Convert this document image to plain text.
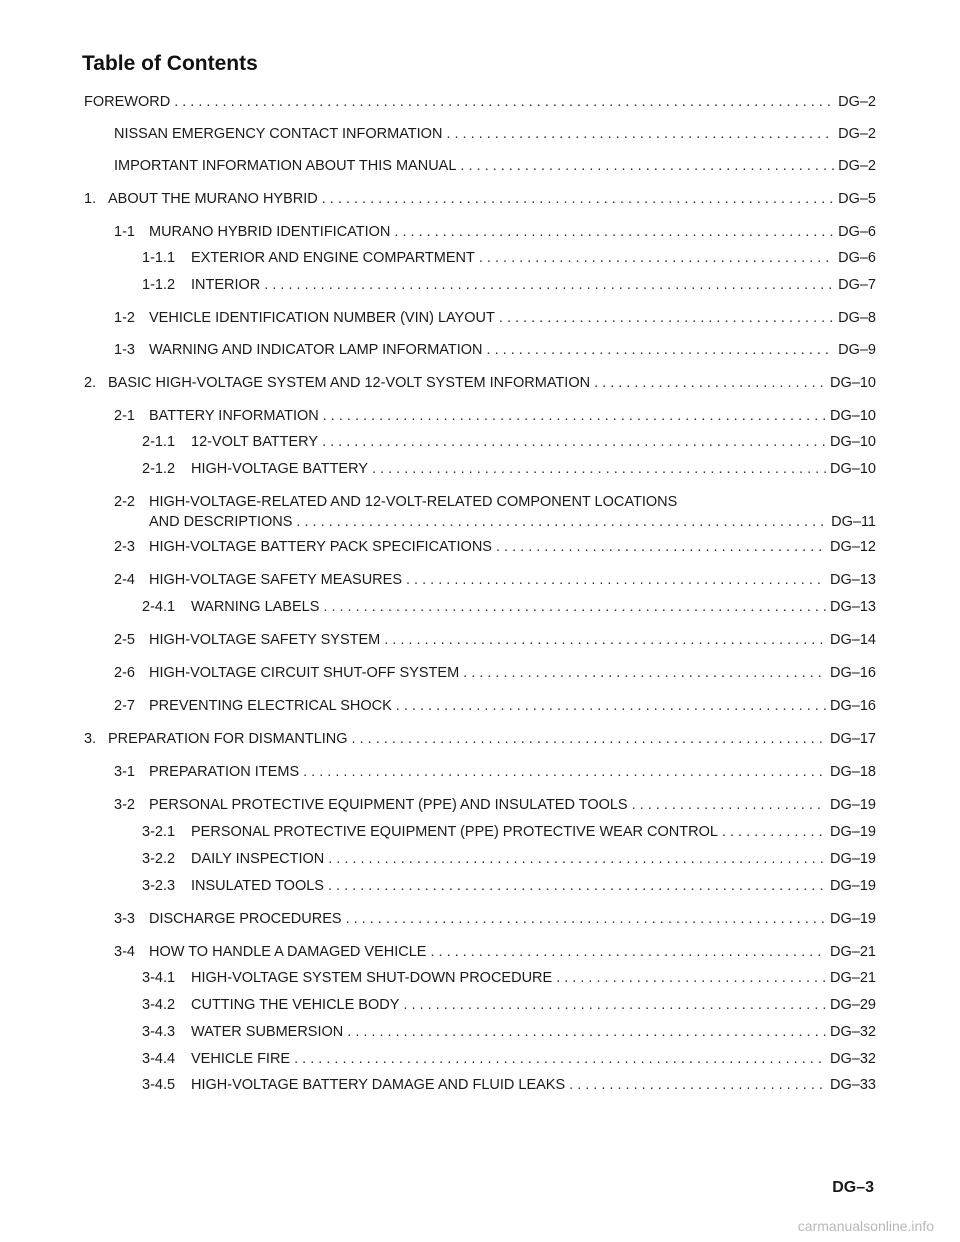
Table of Contents
FOREWORD . . .	DG–2
NISSAN EMERGENCY CONTACT INFORMATION . . .	DG–2
IMPORTANT INFORMATION ABOUT THIS MANUAL . . .	DG–2
1. ABOUT THE MURANO HYBRID . . .	DG–5
1-1 MURANO HYBRID IDENTIFICATION . . .	DG–6
1-1.1	EXTERIOR AND ENGINE COMPARTMENT . . .	DG–6
1-1.2	INTERIOR . . .	DG–7
1-2 VEHICLE IDENTIFICATION NUMBER (VIN) LAYOUT . . .	DG–8
1-3 WARNING AND INDICATOR LAMP INFORMATION . . .	DG–9
2. BASIC HIGH-VOLTAGE SYSTEM AND 12-VOLT SYSTEM INFORMATION . . .	DG–10
2-1 BATTERY INFORMATION . . .	DG–10
2-1.1	12-VOLT BATTERY . . .	DG–10
2-1.2	HIGH-VOLTAGE BATTERY . . .	DG–10
2-2 HIGH-VOLTAGE-RELATED AND 12-VOLT-RELATED COMPONENT LOCATIONS
AND DESCRIPTIONS . . .	DG–11
2-3 HIGH-VOLTAGE BATTERY PACK SPECIFICATIONS . . .	DG–12
2-4 HIGH-VOLTAGE SAFETY MEASURES . . .	DG–13
2-4.1	WARNING LABELS . . .	DG–13
2-5 HIGH-VOLTAGE SAFETY SYSTEM . . .	DG–14
2-6 HIGH-VOLTAGE CIRCUIT SHUT-OFF SYSTEM . . .	DG–16
2-7 PREVENTING ELECTRICAL SHOCK . . .	DG–16
3. PREPARATION FOR DISMANTLING . . .	DG–17
3-1 PREPARATION ITEMS . . .	DG–18
3-2 PERSONAL PROTECTIVE EQUIPMENT (PPE) AND INSULATED TOOLS . . .	DG–19
3-2.1	PERSONAL PROTECTIVE EQUIPMENT (PPE) PROTECTIVE WEAR CONTROL . . .	DG–19
3-2.2	DAILY INSPECTION . . .	DG–19
3-2.3	INSULATED TOOLS . . .	DG–19
3-3 DISCHARGE PROCEDURES . . .	DG–19
3-4 HOW TO HANDLE A DAMAGED VEHICLE . . .	DG–21
3-4.1	HIGH-VOLTAGE SYSTEM SHUT-DOWN PROCEDURE . . .	DG–21
3-4.2	CUTTING THE VEHICLE BODY . . .	DG–29
3-4.3	WATER SUBMERSION . . .	DG–32
3-4.4	VEHICLE FIRE . . .	DG–32
3-4.5	HIGH-VOLTAGE BATTERY DAMAGE AND FLUID LEAKS . . .	DG–33
DG–3
carmanualsonline.info
